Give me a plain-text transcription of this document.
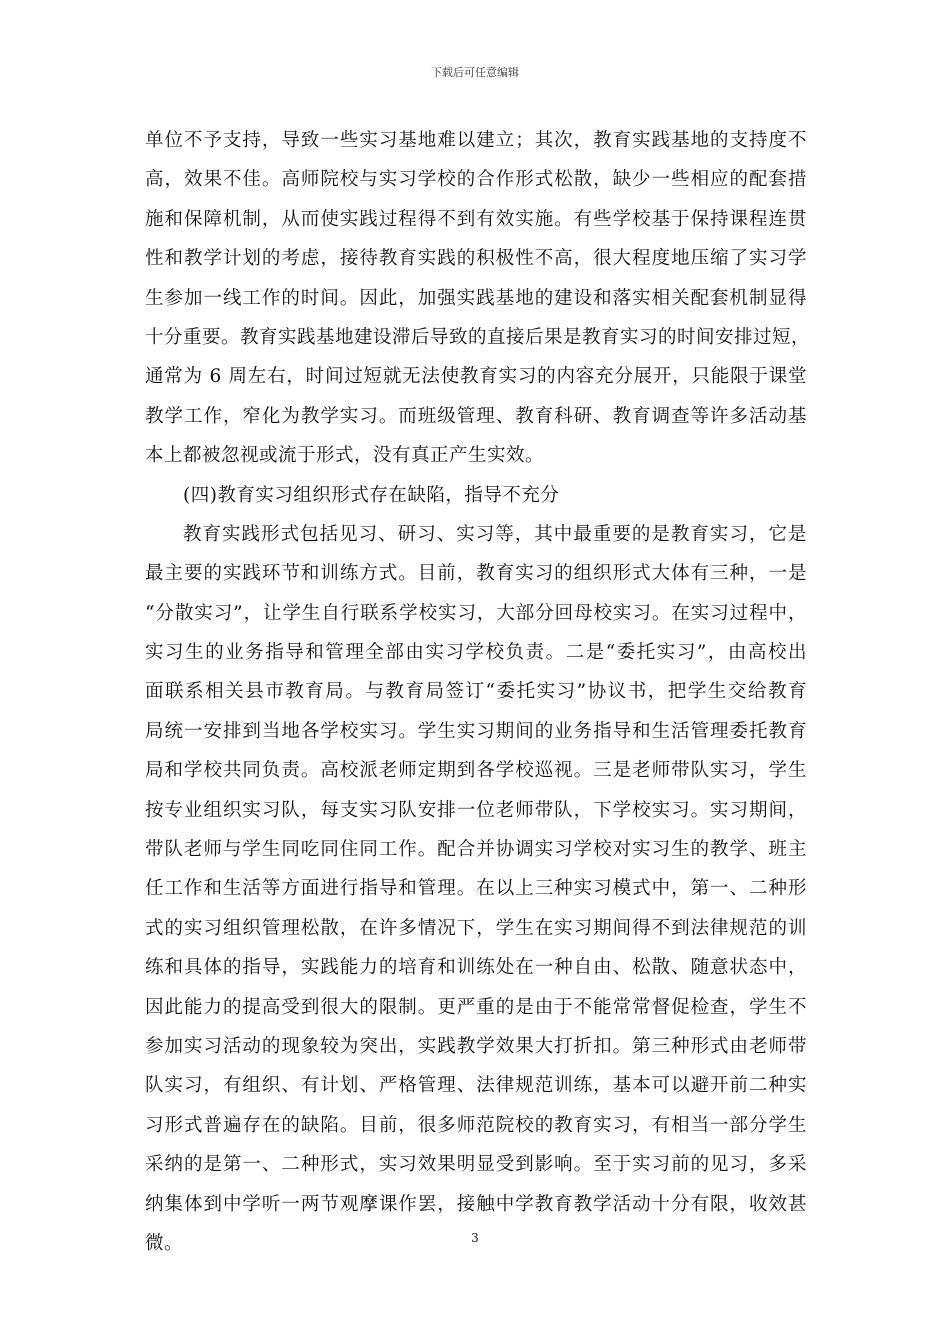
下载后可任意编辑
单位不予支持，导致一些实习基地难以建立；其次，教育实践基地的支持度不
高，效果不佳。高师院校与实习学校的合作形式松散，缺少一些相应的配套措
施和保障机制，从而使实践过程得不到有效实施。有些学校基于保持课程连贯
性和教学计划的考虑，接待教育实践的积极性不高，很大程度地压缩了实习学
生参加一线工作的时间。因此，加强实践基地的建设和落实相关配套机制显得
十分重要。教育实践基地建设滞后导致的直接后果是教育实习的时间安排过短，
通常为 6 周左右，时间过短就无法使教育实习的内容充分展开，只能限于课堂
教学工作，窄化为教学实习。而班级管理、教育科研、教育调查等许多活动基
本上都被忽视或流于形式，没有真正产生实效。
(四)教育实习组织形式存在缺陷，指导不充分
教育实践形式包括见习、研习、实习等，其中最重要的是教育实习，它是
最主要的实践环节和训练方式。目前，教育实习的组织形式大体有三种，一是
“分散实习”，让学生自行联系学校实习，大部分回母校实习。在实习过程中，
实习生的业务指导和管理全部由实习学校负责。二是“委托实习”，由高校出
面联系相关县市教育局。与教育局签订“委托实习”协议书，把学生交给教育
局统一安排到当地各学校实习。学生实习期间的业务指导和生活管理委托教育
局和学校共同负责。高校派老师定期到各学校巡视。三是老师带队实习，学生
按专业组织实习队，每支实习队安排一位老师带队，下学校实习。实习期间，
带队老师与学生同吃同住同工作。配合并协调实习学校对实习生的教学、班主
任工作和生活等方面进行指导和管理。在以上三种实习模式中，第一、二种形
式的实习组织管理松散，在许多情况下，学生在实习期间得不到法律规范的训
练和具体的指导，实践能力的培育和训练处在一种自由、松散、随意状态中，
因此能力的提高受到很大的限制。更严重的是由于不能常常督促检查，学生不
参加实习活动的现象较为突出，实践教学效果大打折扣。第三种形式由老师带
队实习，有组织、有计划、严格管理、法律规范训练，基本可以避开前二种实
习形式普遍存在的缺陷。目前，很多师范院校的教育实习，有相当一部分学生
采纳的是第一、二种形式，实习效果明显受到影响。至于实习前的见习，多采
纳集体到中学听一两节观摩课作罢，接触中学教育教学活动十分有限，收效甚
微。	3
